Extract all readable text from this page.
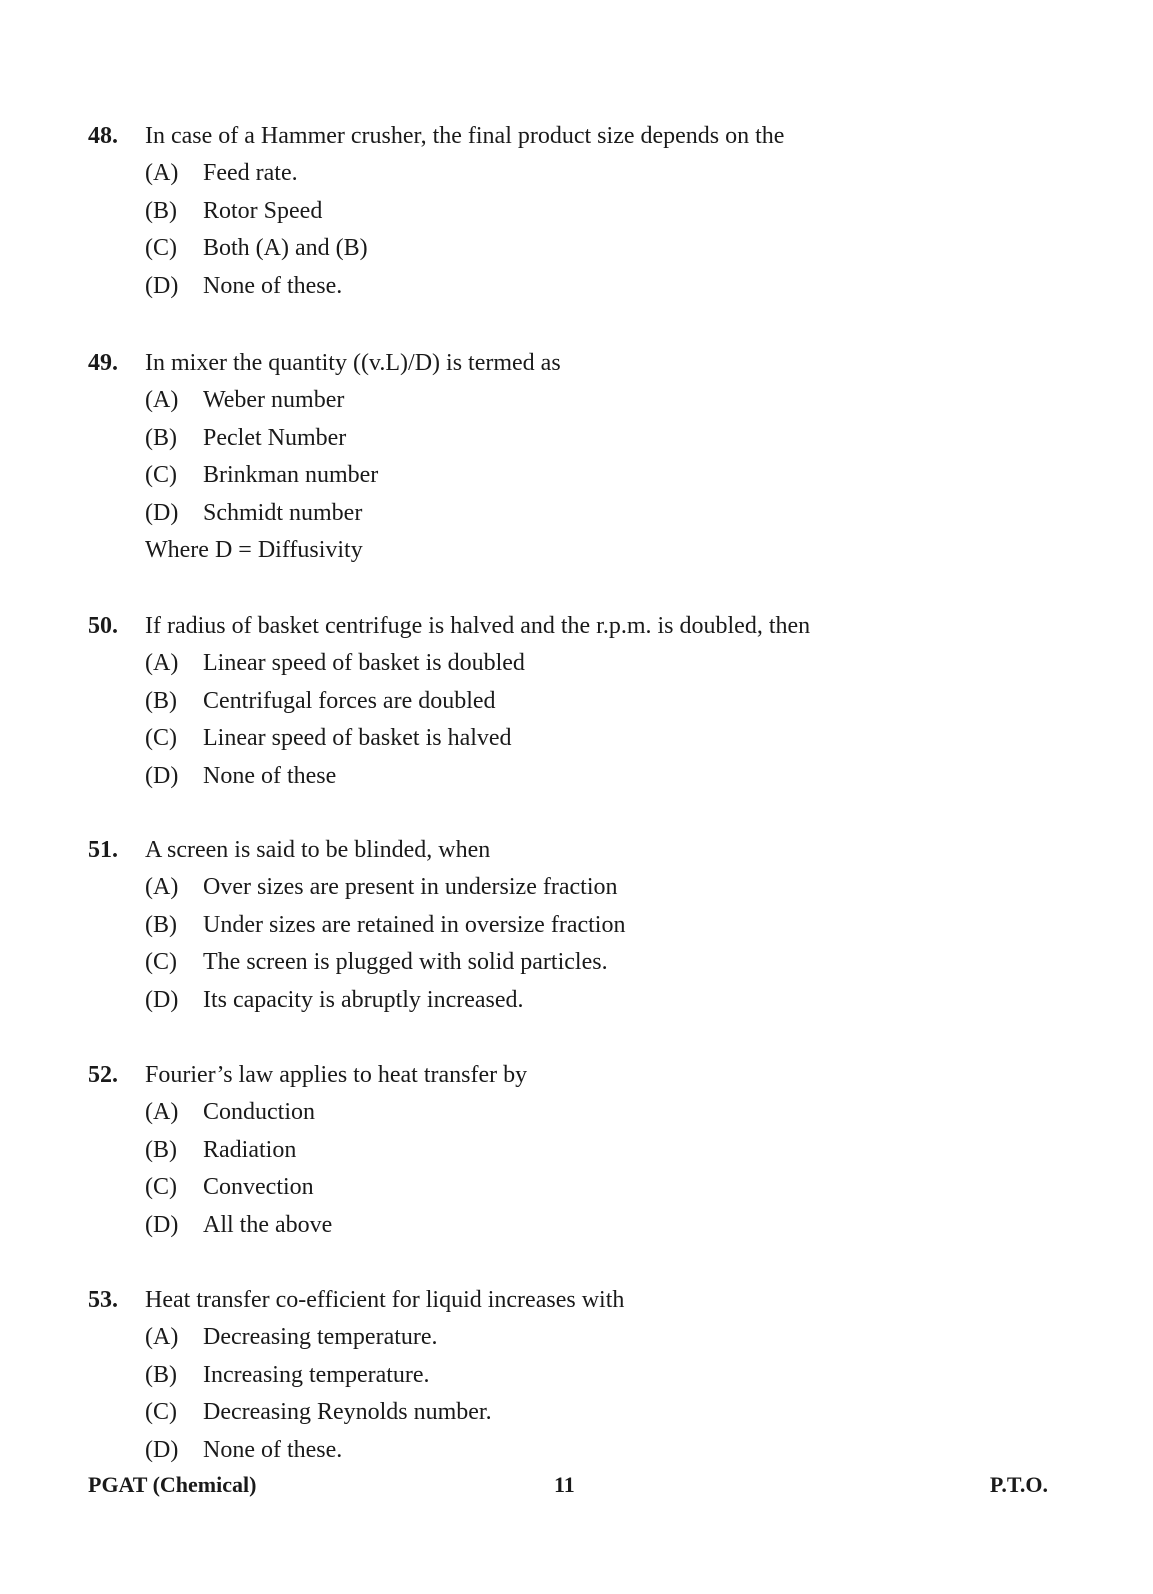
48. In case of a Hammer crusher, the final product size depends on the
(A) Feed rate.
(B) Rotor Speed
(C) Both (A) and (B)
(D) None of these.
49. In mixer the quantity ((v.L)/D) is termed as
(A) Weber number
(B) Peclet Number
(C) Brinkman number
(D) Schmidt number
Where D = Diffusivity
50. If radius of basket centrifuge is halved and the r.p.m. is doubled, then
(A) Linear speed of basket is doubled
(B) Centrifugal forces are doubled
(C) Linear speed of basket is halved
(D) None of these
51. A screen is said to be blinded, when
(A) Over sizes are present in undersize fraction
(B) Under sizes are retained in oversize fraction
(C) The screen is plugged with solid particles.
(D) Its capacity is abruptly increased.
52. Fourier’s law applies to heat transfer by
(A) Conduction
(B) Radiation
(C) Convection
(D) All the above
53. Heat transfer co-efficient for liquid increases with
(A) Decreasing temperature.
(B) Increasing temperature.
(C) Decreasing Reynolds number.
(D) None of these.
PGAT (Chemical)	11	P.T.O.
